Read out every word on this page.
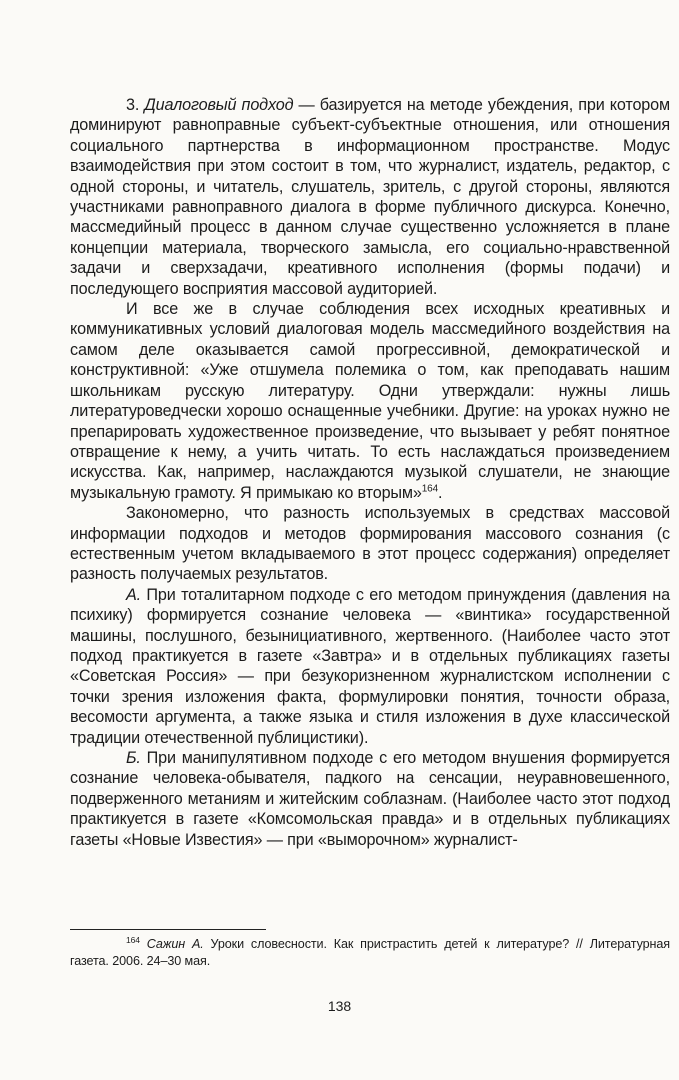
3. Диалоговый подход — базируется на методе убеждения, при котором доминируют равноправные субъект-субъектные отношения, или отношения социального партнерства в информационном пространстве. Модус взаимодействия при этом состоит в том, что журналист, издатель, редактор, с одной стороны, и читатель, слушатель, зритель, с другой стороны, являются участниками равноправного диалога в форме публичного дискурса. Конечно, массмедийный процесс в данном случае существенно усложняется в плане концепции материала, творческого замысла, его социально-нравственной задачи и сверхзадачи, креативного исполнения (формы подачи) и последующего восприятия массовой аудиторией.

И все же в случае соблюдения всех исходных креативных и коммуникативных условий диалоговая модель массмедийного воздействия на самом деле оказывается самой прогрессивной, демократической и конструктивной: «Уже отшумела полемика о том, как преподавать нашим школьникам русскую литературу. Одни утверждали: нужны лишь литературоведчески хорошо оснащенные учебники. Другие: на уроках нужно не препарировать художественное произведение, что вызывает у ребят понятное отвращение к нему, а учить читать. То есть наслаждаться произведением искусства. Как, например, наслаждаются музыкой слушатели, не знающие музыкальную грамоту. Я примыкаю ко вторым»$^{164}$.

Закономерно, что разность используемых в средствах массовой информации подходов и методов формирования массового сознания (с естественным учетом вкладываемого в этот процесс содержания) определяет разность получаемых результатов.

А. При тоталитарном подходе с его методом принуждения (давления на психику) формируется сознание человека — «винтика» государственной машины, послушного, безынициативного, жертвенного. (Наиболее часто этот подход практикуется в газете «Завтра» и в отдельных публикациях газеты «Советская Россия» — при безукоризненном журналистском исполнении с точки зрения изложения факта, формулировки понятия, точности образа, весомости аргумента, а также языка и стиля изложения в духе классической традиции отечественной публицистики).

Б. При манипулятивном подходе с его методом внушения формируется сознание человека-обывателя, падкого на сенсации, неуравновешенного, подверженного метаниям и житейским соблазнам. (Наиболее часто этот подход практикуется в газете «Комсомольская правда» и в отдельных публикациях газеты «Новые Известия» — при «выморочном» журналист-

$^{164}$ Сажин А. Уроки словесности. Как пристрастить детей к литературе? // Литературная газета. 2006. 24–30 мая.
138
